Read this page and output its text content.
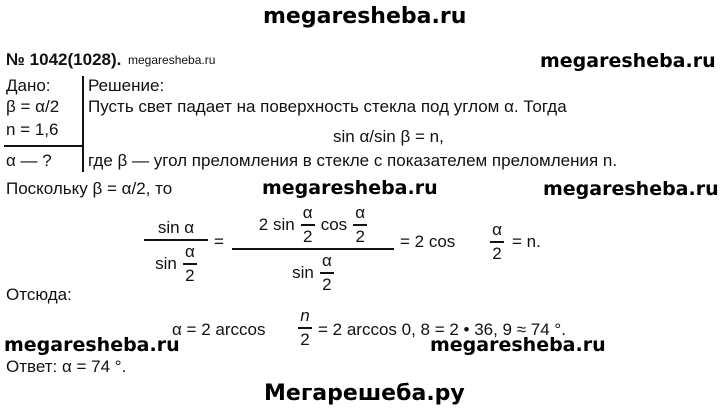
megaresheba.ru
megaresheba.ru
megaresheba.ru
megaresheba.ru
megaresheba.ru	megaresheba.ru
Мегарешеба.ру
№ 1042(1028). megaresheba.ru
Дано: Решение:
β = α/2
n = 1,6
α — ?
Пусть свет падает на поверхность стекла под углом α. Тогда
sin α/sin β = n,
где β — угол преломления в стекле с показателем преломления n.
Поскольку β = α/2, то
sin α
sin
α
2
=
2 sin
α
2
cos
α
2
sin
α
2
= 2 cos
α
2
= n.
Отсюда:
α = 2 arccos
n
2
= 2 arccos 0, 8 = 2 • 36, 9 ≈ 74 °.
Ответ: α = 74 °.
